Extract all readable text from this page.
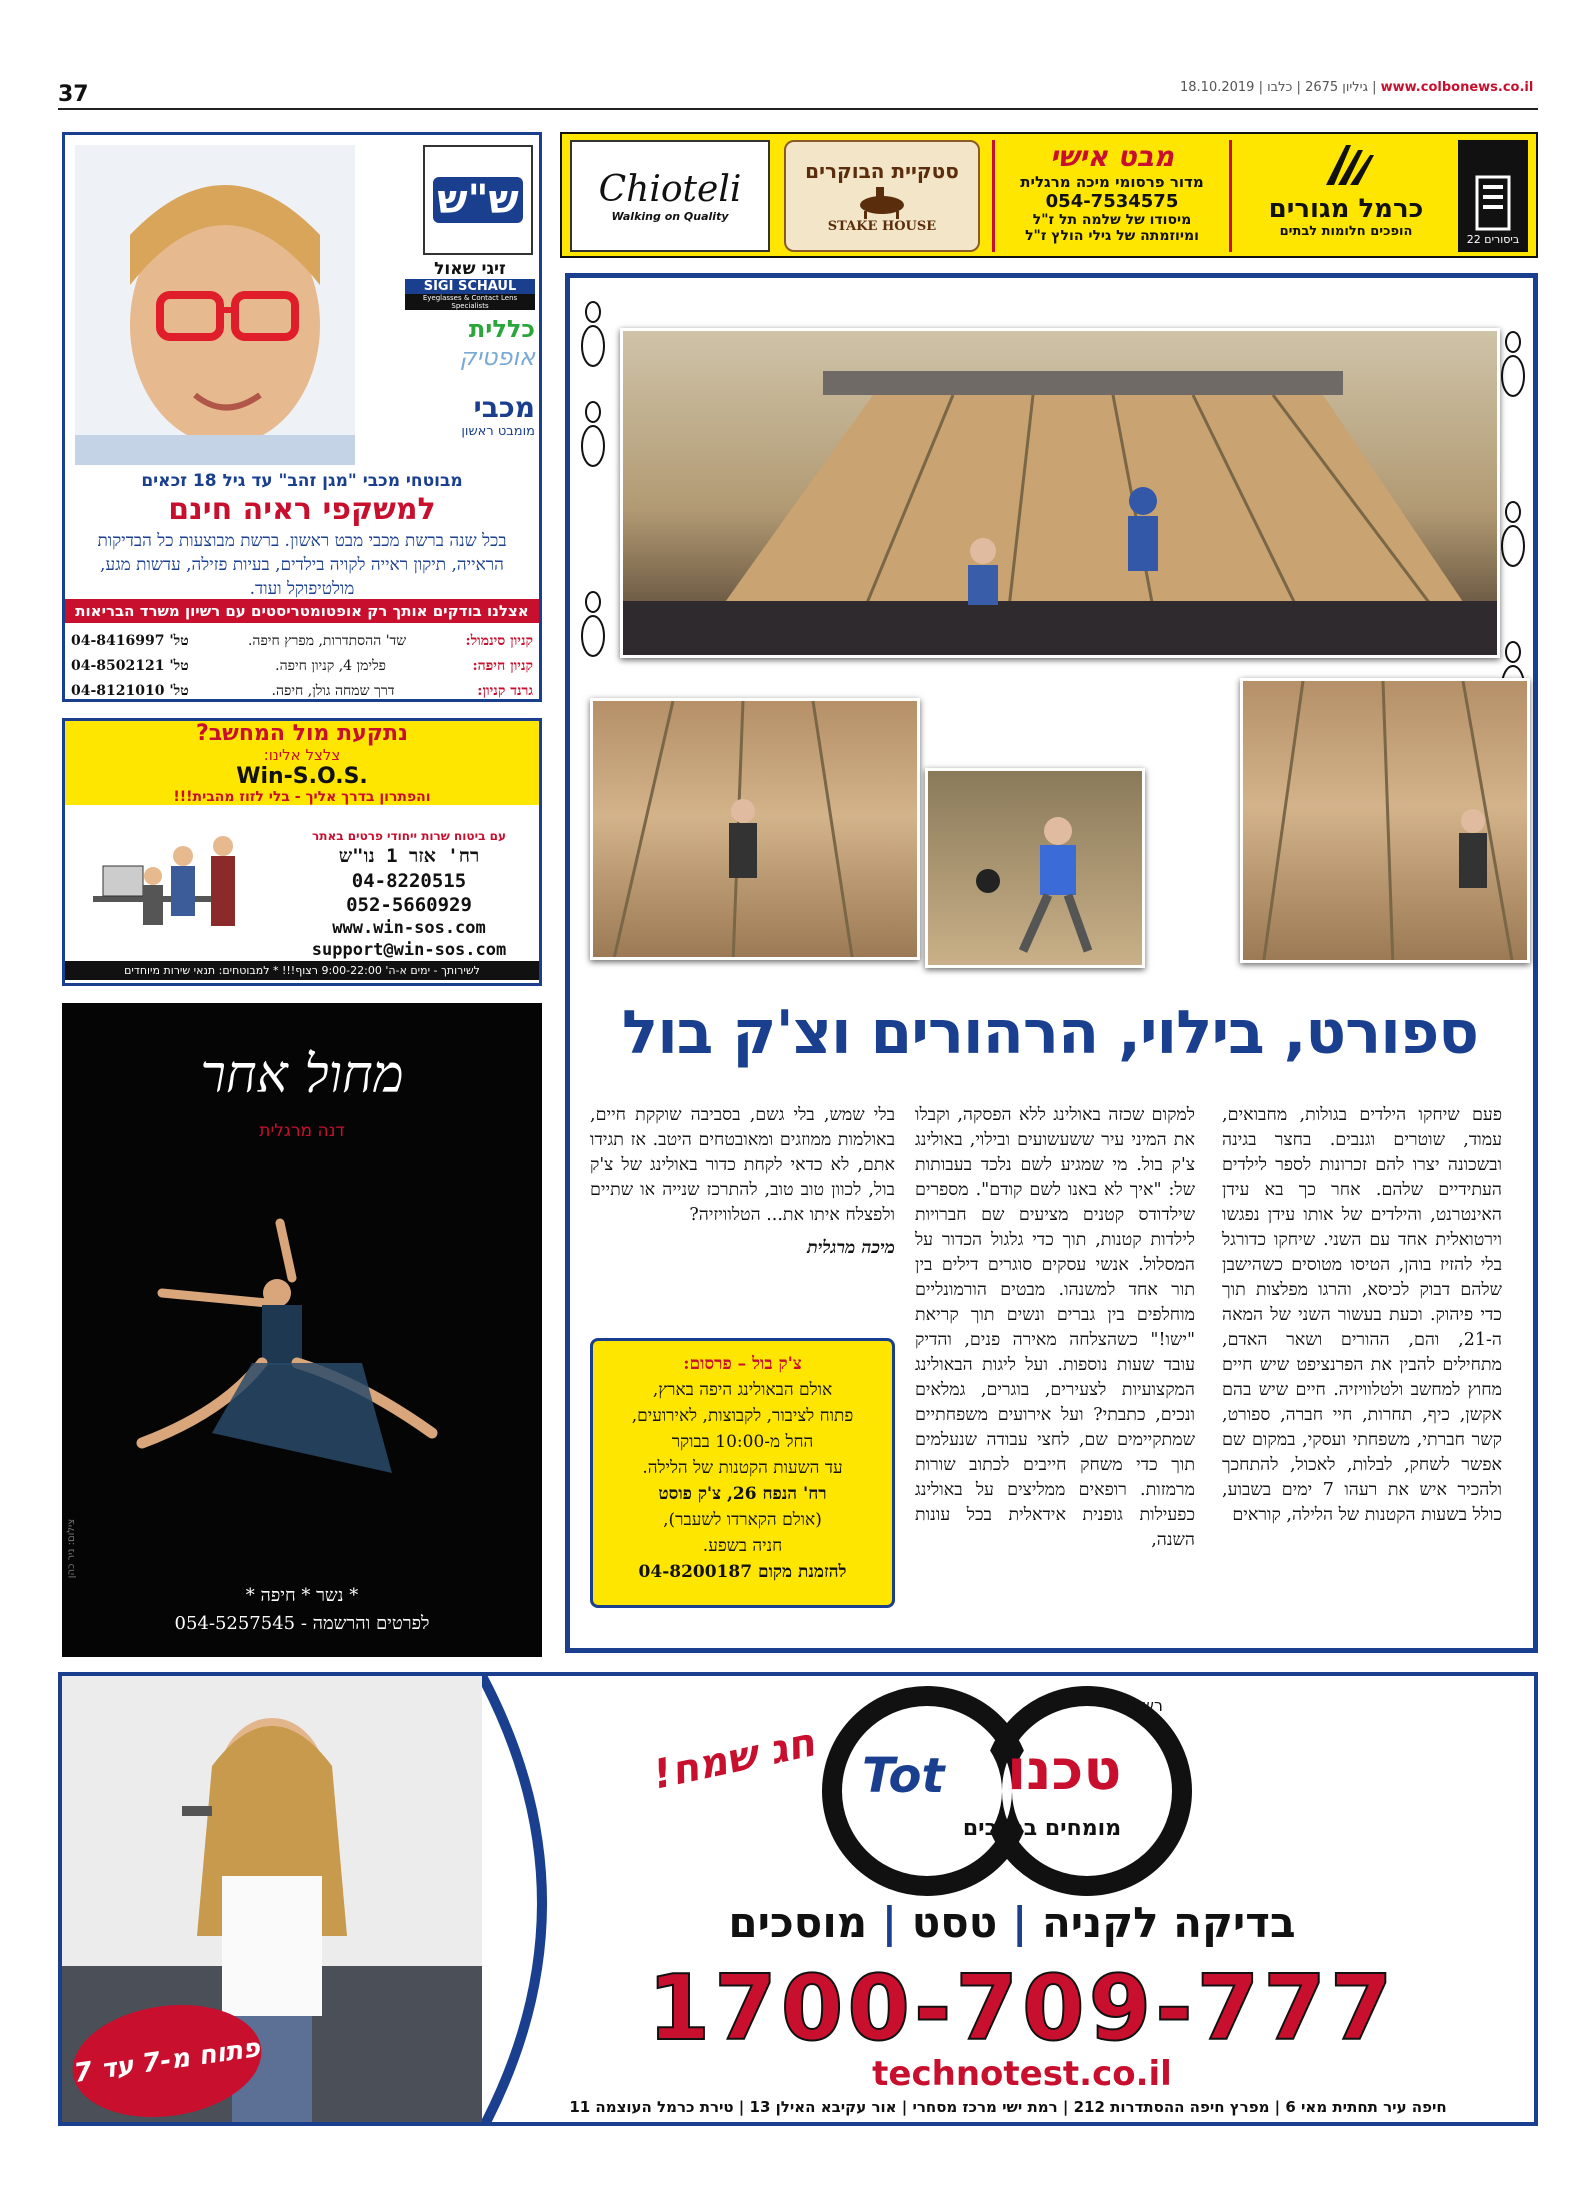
37	18.10.2019 |	גיליון 2675 | כלבו	| www.colbonews.co.il
Chioteli
Walking on Quality
סטקיית הבוקרים
STAKE HOUSE
מבט אישי
מדור פרסומי מיכה מרגלית
054-7534575
מיסודו של שלמה תל ז"ל
ומיוזמתה של גילי הולץ ז"ל
כרמל מגורים
הופכים חלומות לבתים
ביסורים 22
ש"ש
זיגי שאול
SIGI SCHAUL
Eyeglasses & Contact Lens Specialists
כללית
אופטיק
מכבי
מומבט ראשון
מבוטחי מכבי "מגן זהב" עד גיל 18 זכאים
למשקפי ראיה חינם
בכל שנה ברשת מכבי מבט ראשון. ברשת מבוצעות כל הבדיקות הראייה, תיקון ראייה לקויה בילדים, בעיות פזילה, עדשות מגע, מולטיפוקל ועוד.
אצלנו בודקים אותך רק אופטומטריסטים עם רשיון משרד הבריאות
קניון סינמול:
שד' ההסתדרות, מפרץ חיפה.
טל' 04-8416997
קניון חיפה:
פלימן 4, קניון חיפה.
טל' 04-8502121
גרנד קניון:
דרך שמחה גולן, חיפה.
טל' 04-8121010
נתקעת מול המחשב?
צלצל אלינו:
Win-S.O.S.
והפתרון בדרך אליך - בלי לזוז מהבית!!!
עם ביטוח שרות ייחודי פרטים באתר
רח' אזר 1 נו"ש
04-8220515
052-5660929
www.win-sos.com
support@win-sos.com
לשירותך - ימים א-ה' 9:00-22:00 רצוף!!! * למבוטחים: תנאי שירות מיוחדים
מחול אחר
דנה מרגלית
* נשר * חיפה *
לפרטים והרשמה - 054-5257545
צילום: ניר כהן
ספורט, בילוי, הרהורים וצ'ק בול
פעם שיחקו הילדים בגולות, מחבואים, עמוד, שוטרים וגנבים. בחצר בגינה ובשכונה יצרו להם זכרונות לספר לילדים העתידיים שלהם. אחר כך בא עידן האינטרנט, והילדים של אותו עידן נפגשו וירטואלית אחד עם השני. שיחקו כדורגל בלי להזיז בוהן, הטיסו מטוסים כשהישבן שלהם דבוק לכיסא, והרגו מפלצות תוך כדי פיהוק. וכעת בעשור השני של המאה ה-21, והם, ההורים ושאר האדם, מתחילים להבין את הפרנציפט שיש חיים מחוץ למחשב ולטלוויזיה. חיים שיש בהם אקשן, כיף, תחרות, חיי חברה, ספורט, קשר חברתי, משפחתי ועסקי, במקום שם אפשר לשחק, לבלות, לאכול, להתחכך ולהכיר איש את רעהו 7 ימים בשבוע, כולל בשעות הקטנות של הלילה, קוראים
למקום שכזה באולינג ללא הפסקה, וקבלו את המיני עיר ששעשועים ובילוי, באולינג צ'ק בול. מי שמגיע לשם נלכד בעבותות של: "איך לא באנו לשם קודם". מספרים שילדודס קטנים מציעים שם חברויות לילדות קטנות, תוך כדי גלגול הכדור על המסלול. אנשי עסקים סוגרים דילים בין תור אחד למשנהו. מבטים הורמונליים מוחלפים בין גברים ונשים תוך קריאת "ישו!" כשהצלחה מאירה פנים, והדיק עובד שעות נוספות. ועל ליגות הבאולינג המקצועיות לצעירים, בוגרים, גמלאים ונכים, כתבתי? ועל אירועים משפחתיים שמתקיימים שם, לחצי עבודה שנעלמים תוך כדי משחק חייבים לכתוב שורות מרמזות. רופאים ממליצים על באולינג כפעילות גופנית אידאלית בכל עונות השנה,
בלי שמש, בלי גשם, בסביבה שוקקת חיים, באולמות ממוזגים ומאובטחים היטב. אז תגידו אתם, לא כדאי לקחת כדור באולינג של צ'ק בול, לכוון טוב טוב, להתרכז שנייה או שתיים ולפצלח איתו את... הטלוויזיה?
מיכה מרגלית
צ'ק בול – פרסום:
אולם הבאולינג היפה בארץ,
פתוח לציבור, לקבוצות, לאירועים,
החל מ-10:00 בבוקר
עד השעות הקטנות של הלילה.
רח' הנפח 26, צ'ק פוסט
(אולם הקארדו לשעבר),
חניה בשפע.
להזמנת מקום 04-8200187
פתוח מ-7 עד 7
חג שמח!
רשת
Tot טכנו
מומחים ברכבים
בדיקה לקניה | טסט | מוסכים
1700-709-777
technotest.co.il
חיפה עיר תחתית מאי 6 | מפרץ חיפה ההסתדרות 212 | רמת ישי מרכז מסחרי | אור עקיבא האילן 13 | טירת כרמל העוצמה 11
